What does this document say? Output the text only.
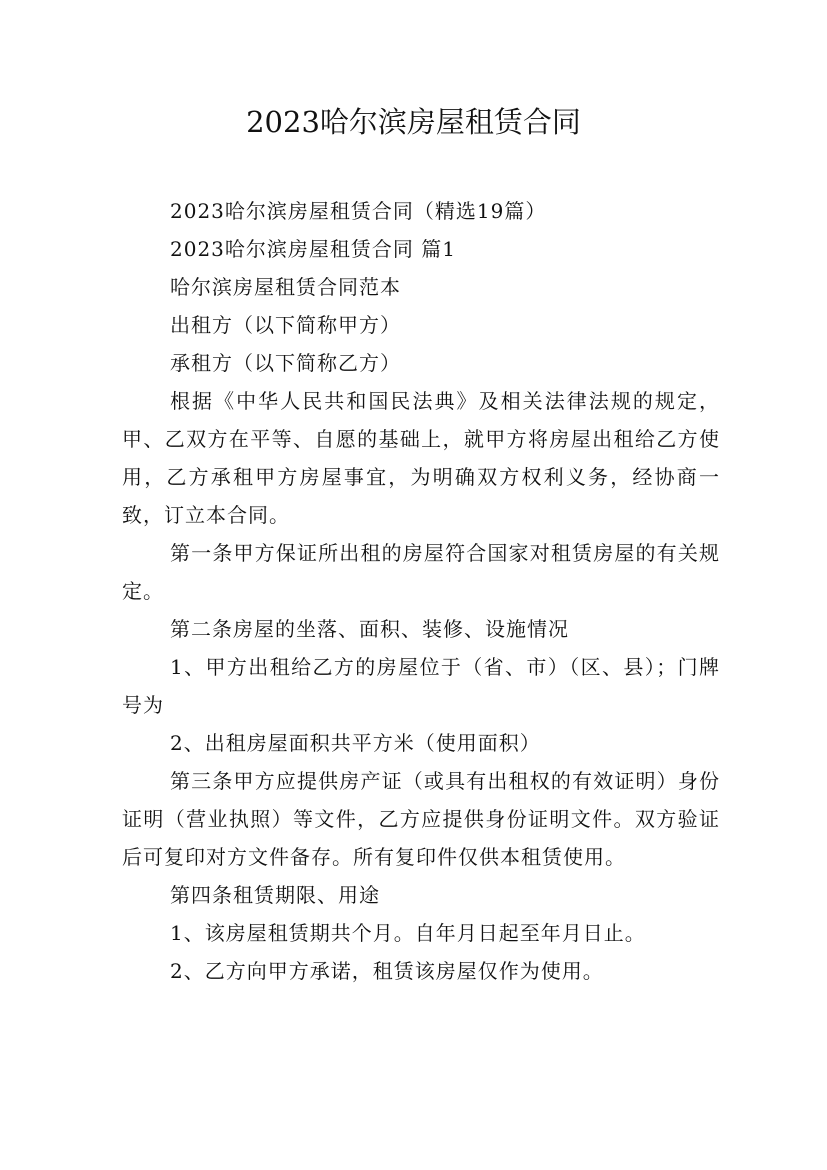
2023哈尔滨房屋租赁合同

2023哈尔滨房屋租赁合同（精选19篇）

2023哈尔滨房屋租赁合同 篇1

哈尔滨房屋租赁合同范本

出租方（以下简称甲方）

承租方（以下简称乙方）

根据《中华人民共和国民法典》及相关法律法规的规定，甲、乙双方在平等、自愿的基础上，就甲方将房屋出租给乙方使用，乙方承租甲方房屋事宜，为明确双方权利义务，经协商一致，订立本合同。

第一条甲方保证所出租的房屋符合国家对租赁房屋的有关规定。

第二条房屋的坐落、面积、装修、设施情况

1、甲方出租给乙方的房屋位于（省、市）（区、县）；门牌号为

2、出租房屋面积共平方米（使用面积）

第三条甲方应提供房产证（或具有出租权的有效证明）身份证明（营业执照）等文件，乙方应提供身份证明文件。双方验证后可复印对方文件备存。所有复印件仅供本租赁使用。

第四条租赁期限、用途

1、该房屋租赁期共个月。自年月日起至年月日止。

2、乙方向甲方承诺，租赁该房屋仅作为使用。
